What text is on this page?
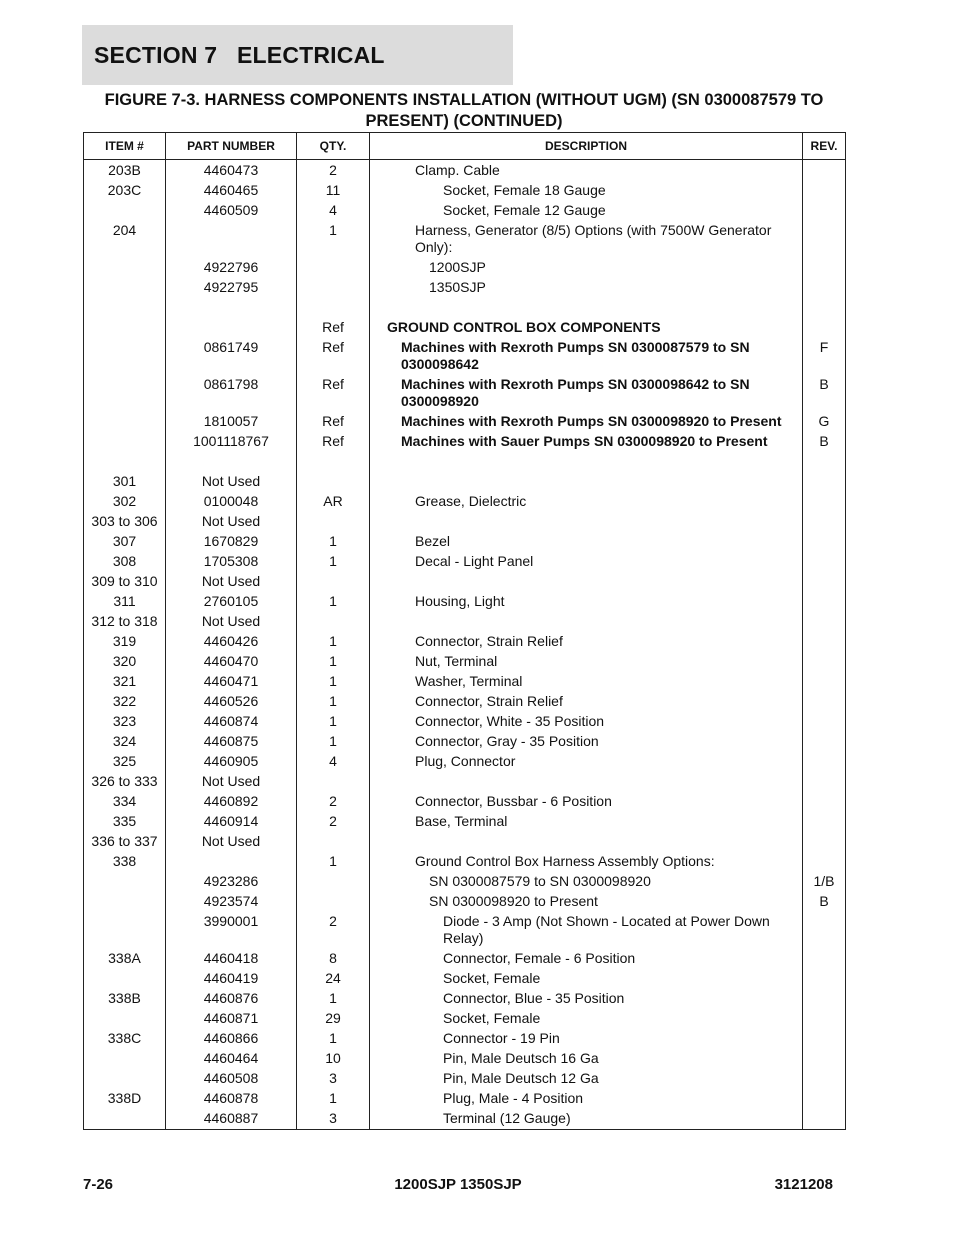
SECTION 7   ELECTRICAL
FIGURE 7-3. HARNESS COMPONENTS INSTALLATION (WITHOUT UGM) (SN 0300087579 TO PRESENT) (CONTINUED)
ITEM #	PART NUMBER	QTY.	DESCRIPTION	REV.
203B	4460473	2	Clamp. Cable	
203C	4460465	11	Socket, Female 18 Gauge	
	4460509	4	Socket, Female 12 Gauge	
204		1	Harness, Generator (8/5) Options (with 7500W Generator Only):	
	4922796		1200SJP	
	4922795		1350SJP	

		Ref	GROUND CONTROL BOX COMPONENTS	
	0861749	Ref	Machines with Rexroth Pumps SN 0300087579 to SN 0300098642	F
	0861798	Ref	Machines with Rexroth Pumps SN 0300098642 to SN 0300098920	B
	1810057	Ref	Machines with Rexroth Pumps SN 0300098920 to Present	G
	1001118767	Ref	Machines with Sauer Pumps SN 0300098920 to Present	B

301	Not Used			
302	0100048	AR	Grease, Dielectric	
303 to 306	Not Used			
307	1670829	1	Bezel	
308	1705308	1	Decal - Light Panel	
309 to 310	Not Used			
311	2760105	1	Housing, Light	
312 to 318	Not Used			
319	4460426	1	Connector, Strain Relief	
320	4460470	1	Nut, Terminal	
321	4460471	1	Washer, Terminal	
322	4460526	1	Connector, Strain Relief	
323	4460874	1	Connector, White - 35 Position	
324	4460875	1	Connector, Gray - 35 Position	
325	4460905	4	Plug, Connector	
326 to 333	Not Used			
334	4460892	2	Connector, Bussbar - 6 Position	
335	4460914	2	Base, Terminal	
336 to 337	Not Used			
338		1	Ground Control Box Harness Assembly Options:	
	4923286		SN 0300087579 to SN 0300098920	1/B
	4923574		SN 0300098920 to Present	B
	3990001	2	Diode - 3 Amp (Not Shown - Located at Power Down Relay)	
338A	4460418	8	Connector, Female - 6 Position	
	4460419	24	Socket, Female	
338B	4460876	1	Connector, Blue - 35 Position	
	4460871	29	Socket, Female	
338C	4460866	1	Connector - 19 Pin	
	4460464	10	Pin, Male Deutsch 16 Ga	
	4460508	3	Pin, Male Deutsch 12 Ga	
338D	4460878	1	Plug, Male - 4 Position	
	4460887	3	Terminal (12 Gauge)	
7-26	1200SJP 1350SJP	3121208
